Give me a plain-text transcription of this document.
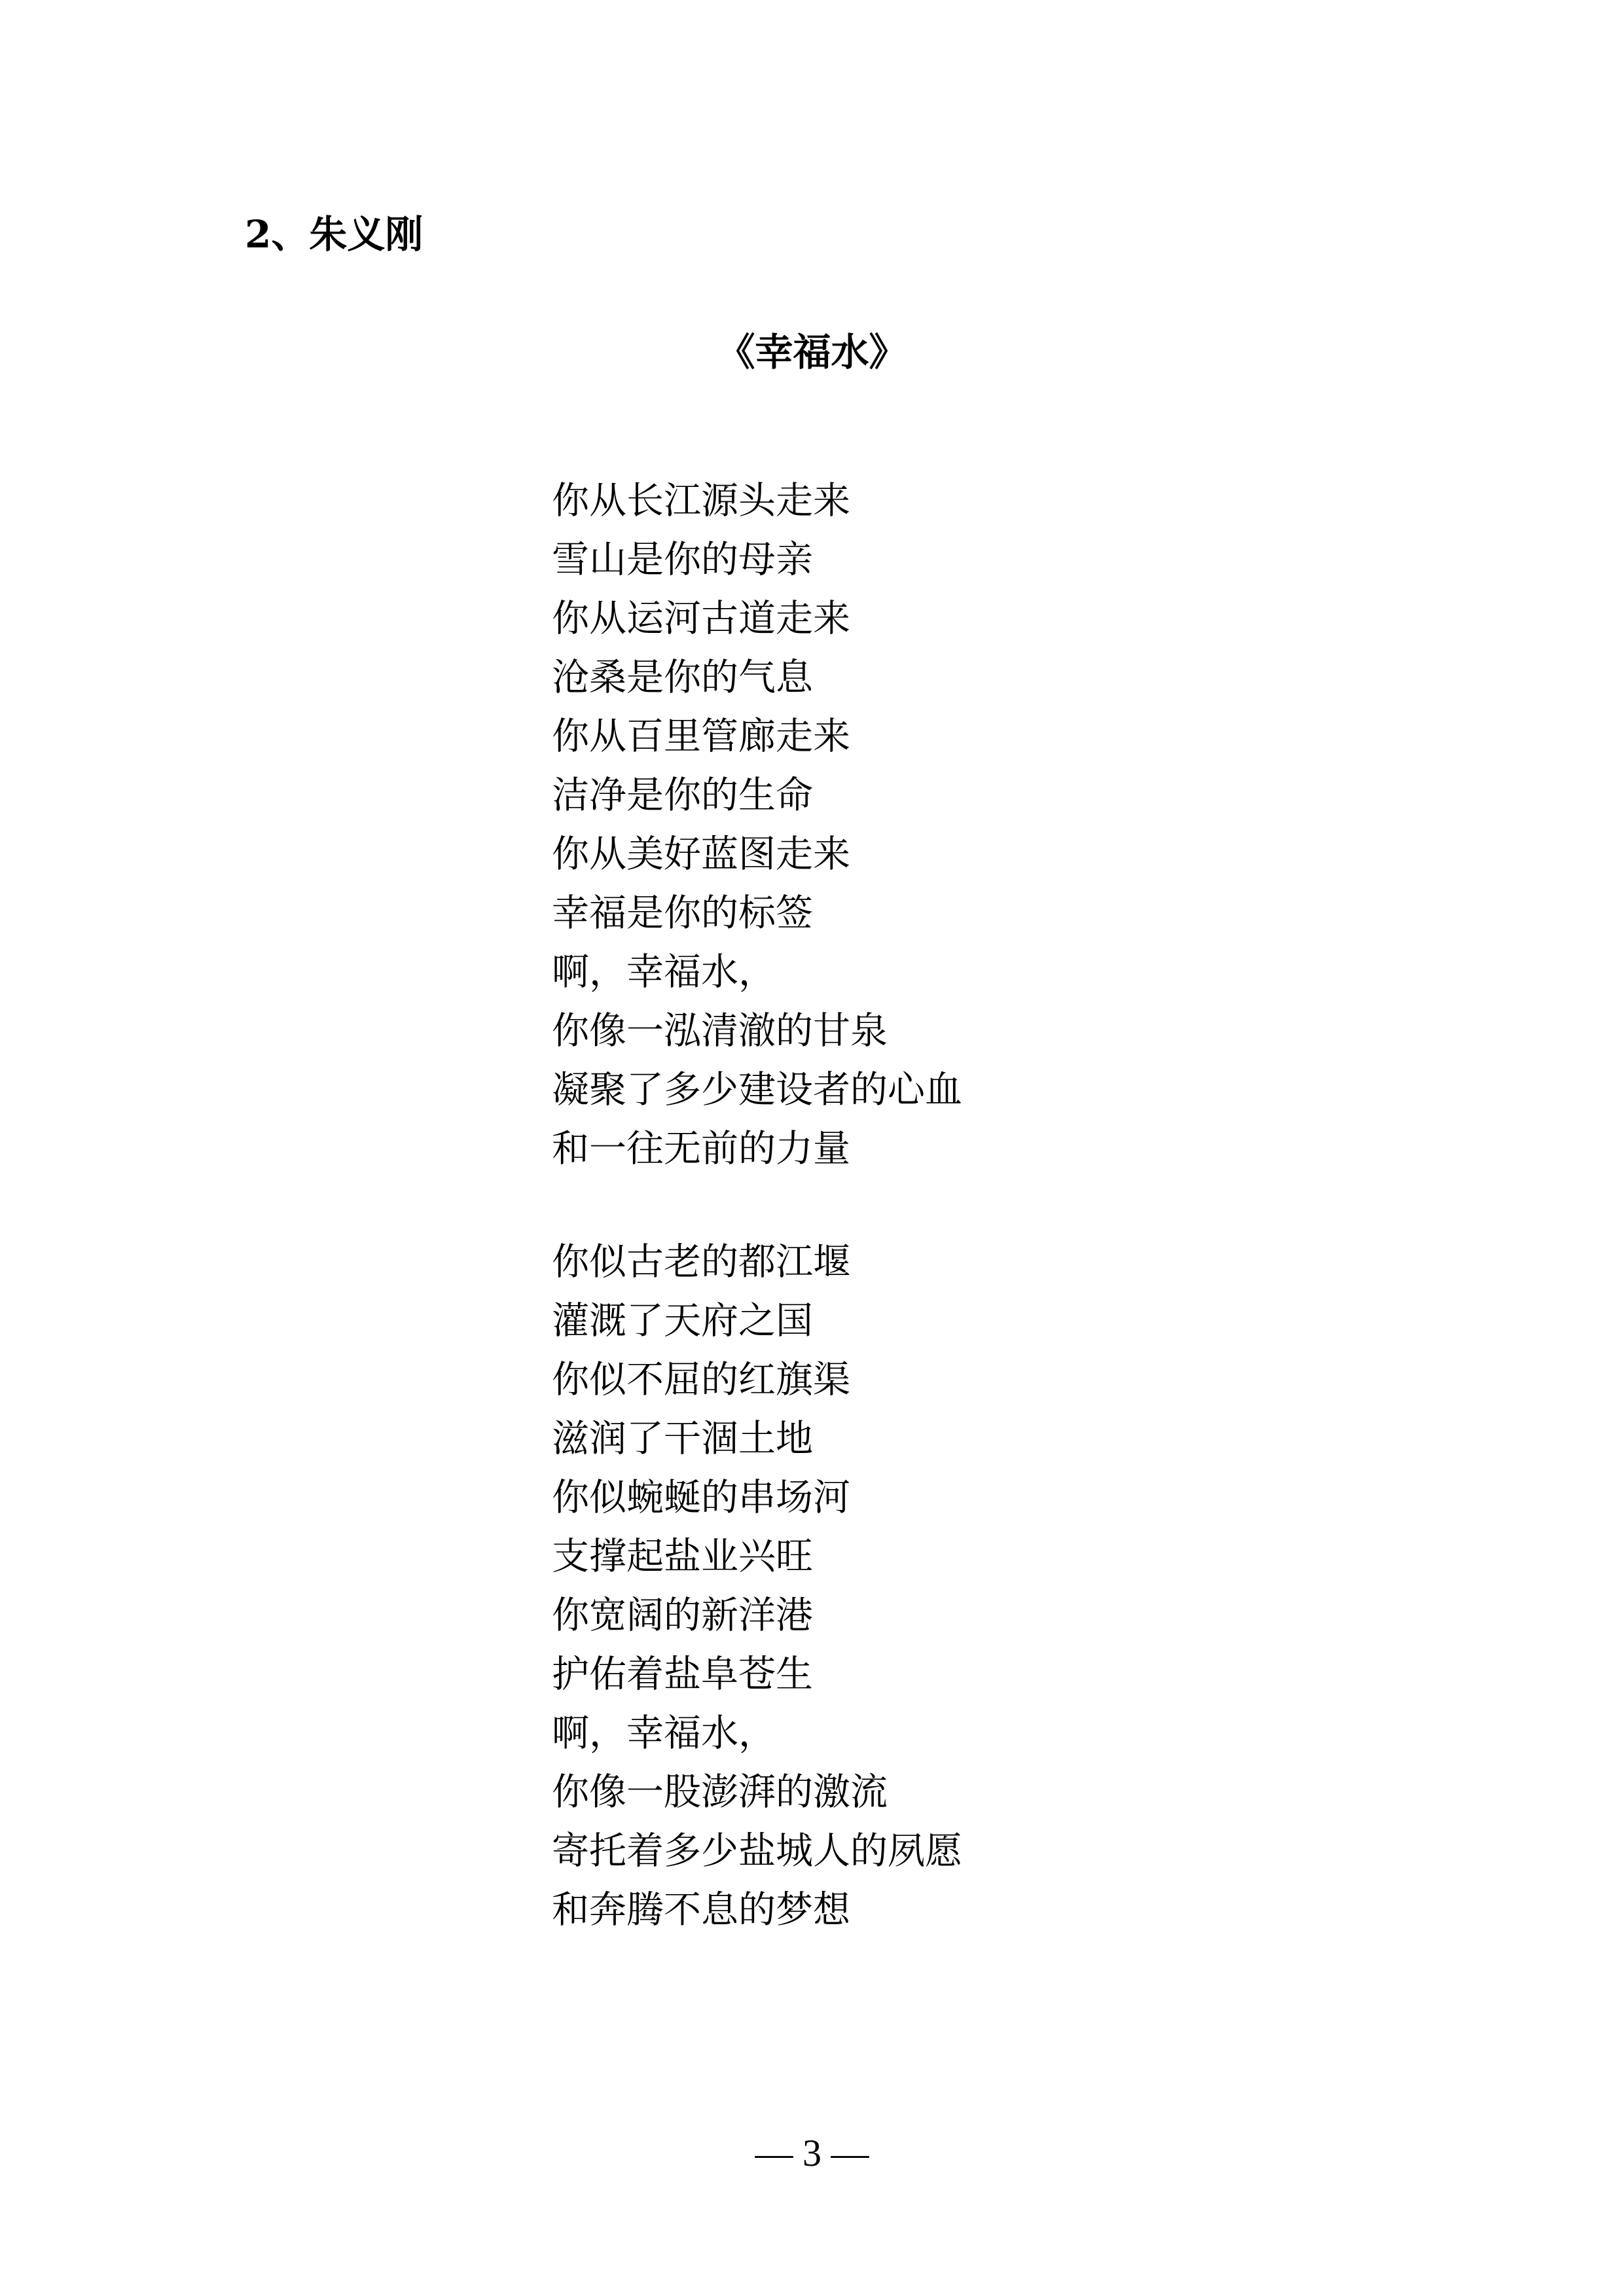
2、朱义刚
《幸福水》
你从长江源头走来
雪山是你的母亲
你从运河古道走来
沧桑是你的气息
你从百里管廊走来
洁净是你的生命
你从美好蓝图走来
幸福是你的标签
啊，幸福水，
你像一泓清澈的甘泉
凝聚了多少建设者的心血
和一往无前的力量
你似古老的都江堰
灌溉了天府之国
你似不屈的红旗渠
滋润了干涸土地
你似蜿蜒的串场河
支撑起盐业兴旺
你宽阔的新洋港
护佑着盐阜苍生
啊，幸福水，
你像一股澎湃的激流
寄托着多少盐城人的夙愿
和奔腾不息的梦想
— 3 —
